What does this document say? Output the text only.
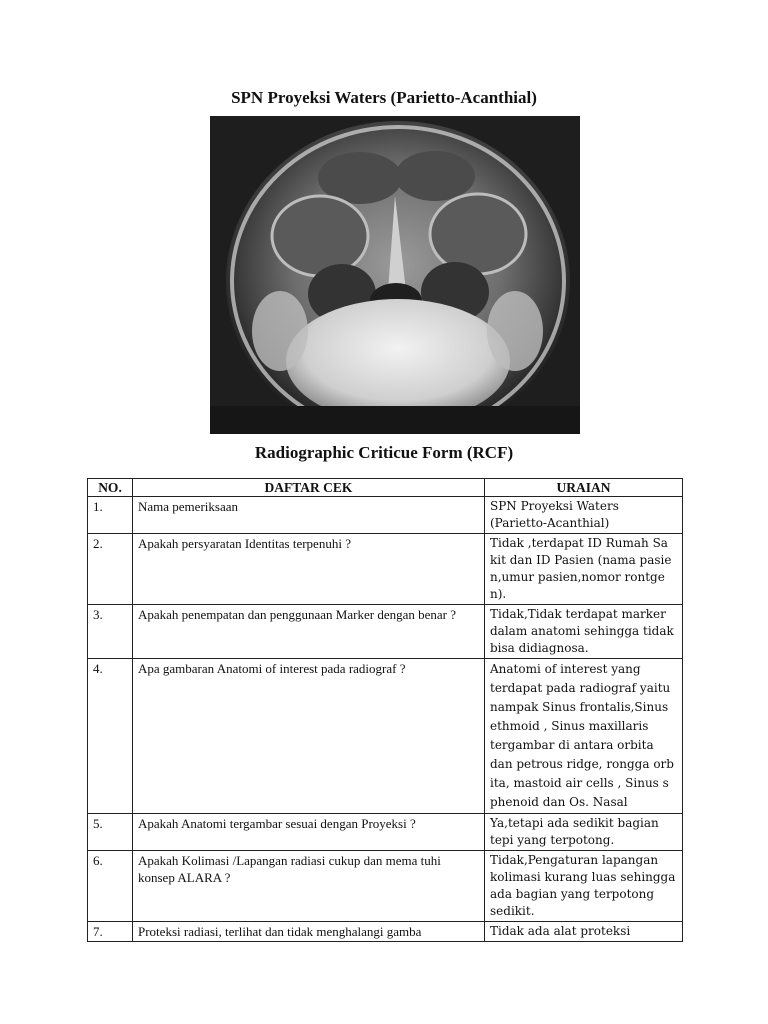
SPN Proyeksi Waters (Parietto-Acanthial)
Radiographic Criticue Form (RCF)
NO.	DAFTAR CEK	URAIAN
1.	Nama pemeriksaan	SPN Proyeksi Waters (Parietto-Acanthial)
2.	Apakah persyaratan Identitas terpenuhi ?	Tidak ,terdapat ID Rumah Sa kit dan ID Pasien (nama pasie n,umur pasien,nomor rontge n).
3.	Apakah penempatan dan penggunaan Marker dengan benar ?	Tidak,Tidak terdapat marker dalam anatomi sehingga tidak bisa didiagnosa.
4.	Apa gambaran Anatomi of interest pada radiograf ?	Anatomi of interest yang terdapat pada radiograf yaitu nampak Sinus frontalis,Sinus ethmoid , Sinus maxillaris tergambar di antara orbita dan petrous ridge, rongga orb ita, mastoid air cells , Sinus s phenoid dan Os. Nasal
5.	Apakah Anatomi tergambar sesuai dengan Proyeksi ?	Ya,tetapi ada sedikit bagian tepi yang terpotong.
6.	Apakah Kolimasi /Lapangan radiasi cukup dan mema tuhi konsep ALARA ?	Tidak,Pengaturan lapangan kolimasi kurang luas sehingga ada bagian yang terpotong sedikit.
7.	Proteksi radiasi, terlihat dan tidak menghalangi gamba	Tidak ada alat proteksi
